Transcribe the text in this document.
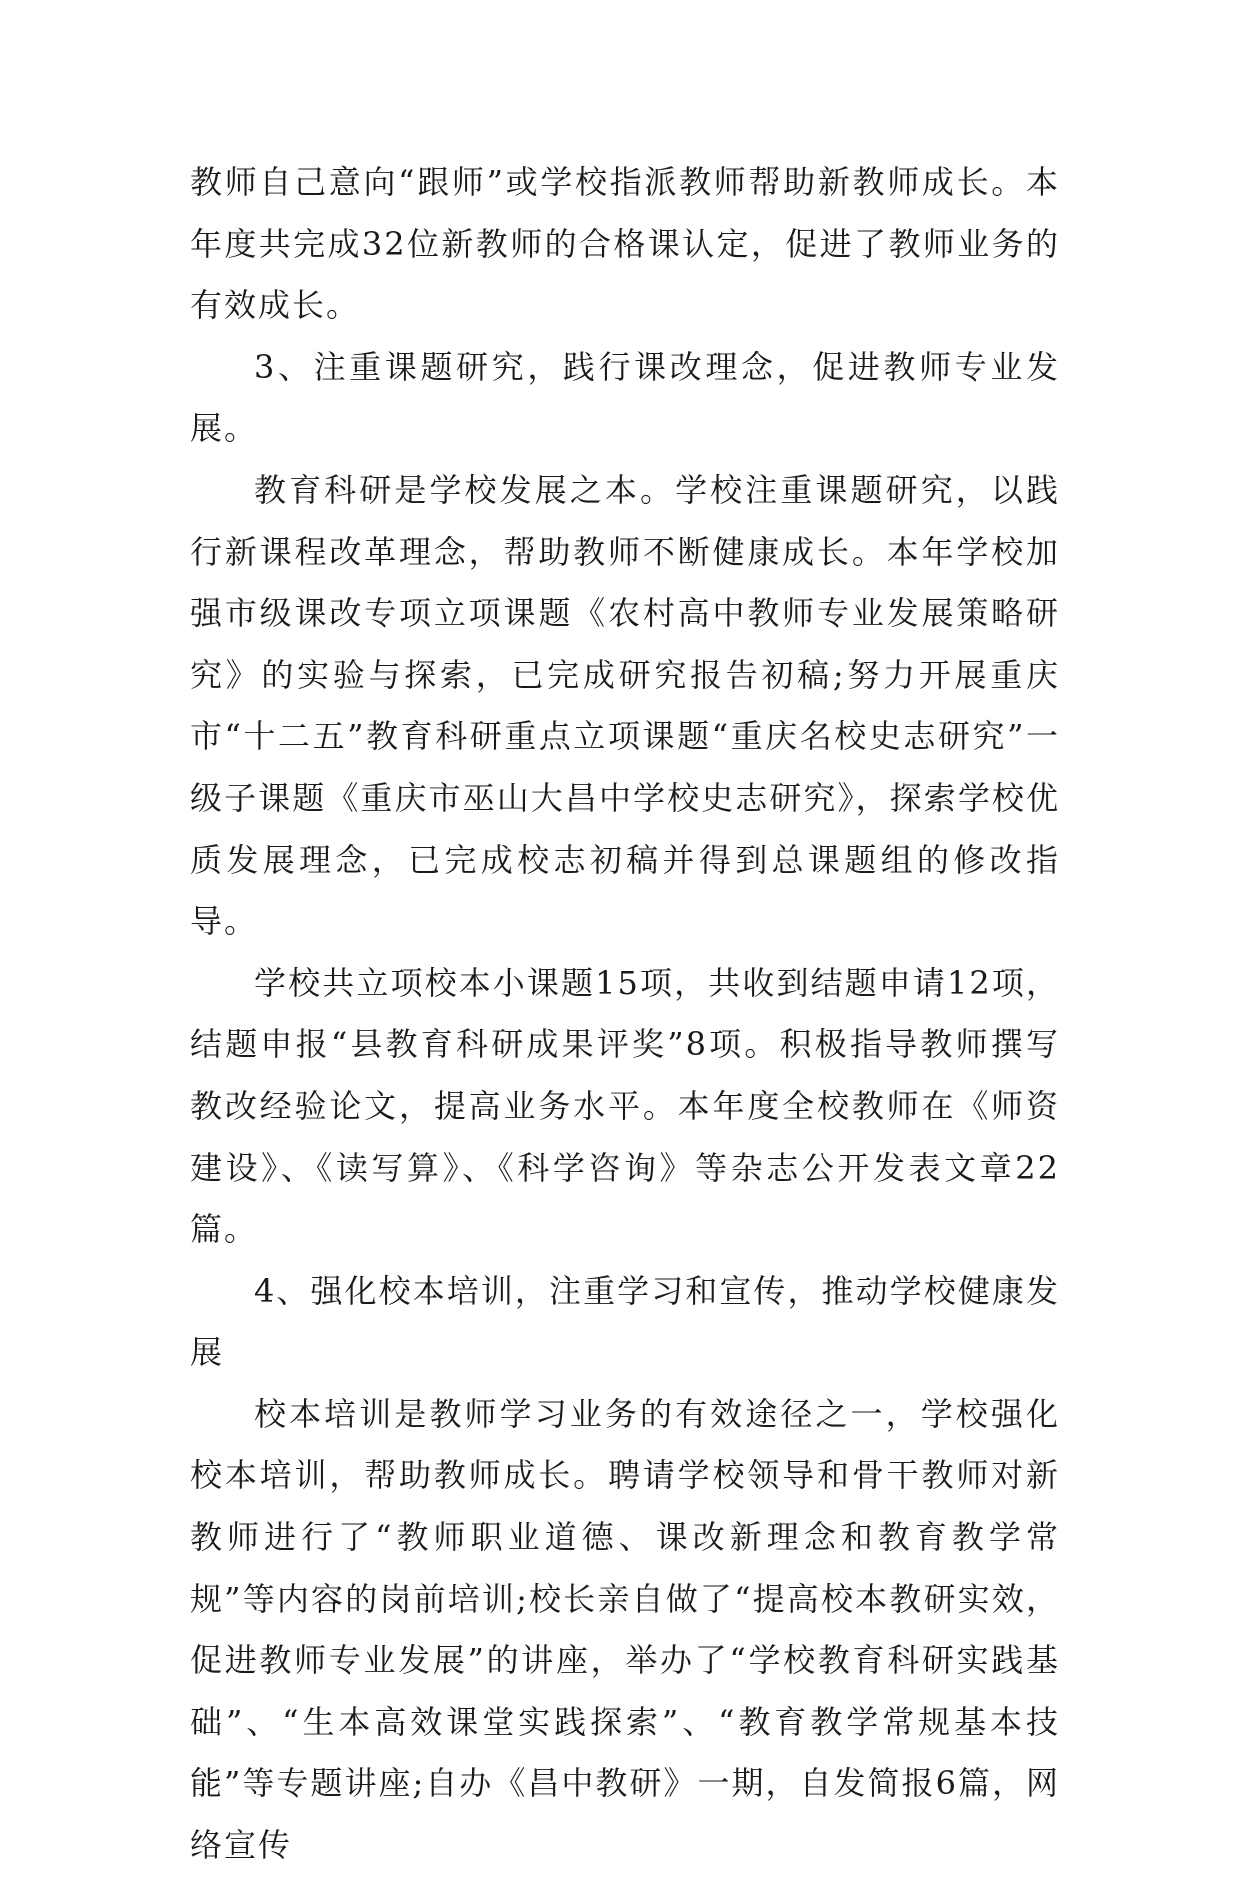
教师自己意向“跟师”或学校指派教师帮助新教师成长。本年度共完成32位新教师的合格课认定，促进了教师业务的有效成长。

3、注重课题研究，践行课改理念，促进教师专业发展。

教育科研是学校发展之本。学校注重课题研究，以践行新课程改革理念，帮助教师不断健康成长。本年学校加强市级课改专项立项课题《农村高中教师专业发展策略研究》的实验与探索，已完成研究报告初稿;努力开展重庆市“十二五”教育科研重点立项课题“重庆名校史志研究”一级子课题《重庆市巫山大昌中学校史志研究》，探索学校优质发展理念，已完成校志初稿并得到总课题组的修改指导。

学校共立项校本小课题15项，共收到结题申请12项，结题申报“县教育科研成果评奖”8项。积极指导教师撰写教改经验论文，提高业务水平。本年度全校教师在《师资建设》、《读写算》、《科学咨询》等杂志公开发表文章22篇。

4、强化校本培训，注重学习和宣传，推动学校健康发展

校本培训是教师学习业务的有效途径之一，学校强化校本培训，帮助教师成长。聘请学校领导和骨干教师对新教师进行了“教师职业道德、课改新理念和教育教学常规”等内容的岗前培训;校长亲自做了“提高校本教研实效，促进教师专业发展”的讲座，举办了“学校教育科研实践基础”、“生本高效课堂实践探索”、“教育教学常规基本技能”等专题讲座;自办《昌中教研》一期，自发简报6篇，网络宣传
